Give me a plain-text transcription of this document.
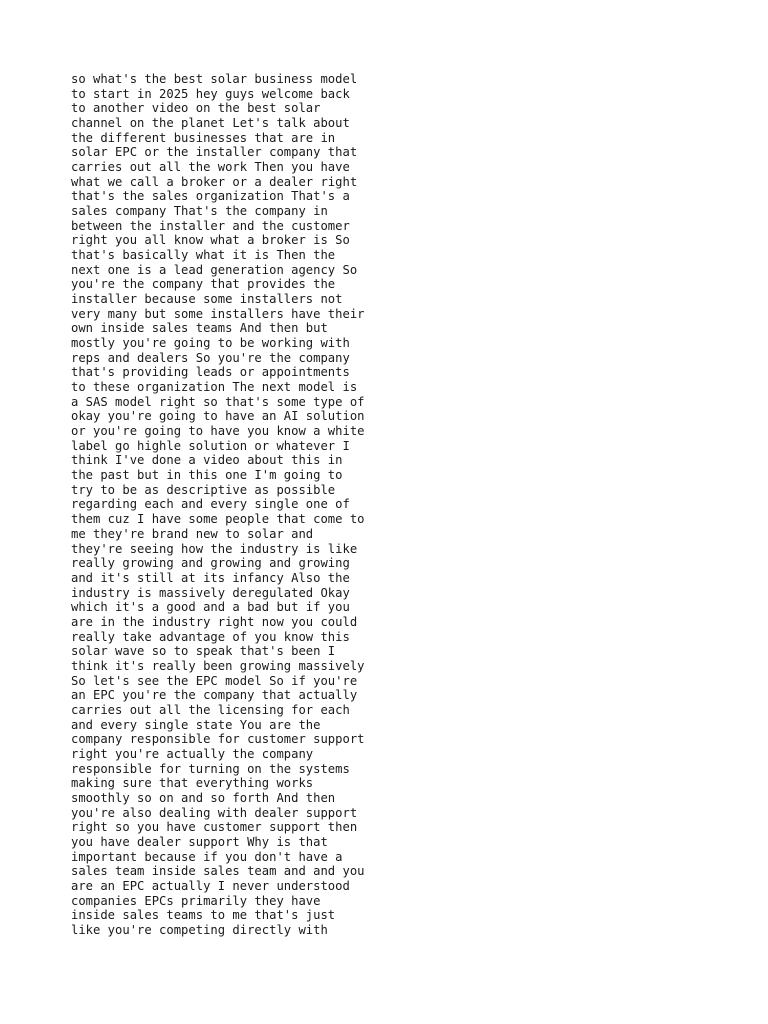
so what's the best solar business model
to start in 2025 hey guys welcome back
to another video on the best solar
channel on the planet Let's talk about
the different businesses that are in
solar EPC or the installer company that
carries out all the work Then you have
what we call a broker or a dealer right
that's the sales organization That's a
sales company That's the company in
between the installer and the customer
right you all know what a broker is So
that's basically what it is Then the
next one is a lead generation agency So
you're the company that provides the
installer because some installers not
very many but some installers have their
own inside sales teams And then but
mostly you're going to be working with
reps and dealers So you're the company
that's providing leads or appointments
to these organization The next model is
a SAS model right so that's some type of
okay you're going to have an AI solution
or you're going to have you know a white
label go highle solution or whatever I
think I've done a video about this in
the past but in this one I'm going to
try to be as descriptive as possible
regarding each and every single one of
them cuz I have some people that come to
me they're brand new to solar and
they're seeing how the industry is like
really growing and growing and growing
and it's still at its infancy Also the
industry is massively deregulated Okay
which it's a good and a bad but if you
are in the industry right now you could
really take advantage of you know this
solar wave so to speak that's been I
think it's really been growing massively
So let's see the EPC model So if you're
an EPC you're the company that actually
carries out all the licensing for each
and every single state You are the
company responsible for customer support
right you're actually the company
responsible for turning on the systems
making sure that everything works
smoothly so on and so forth And then
you're also dealing with dealer support
right so you have customer support then
you have dealer support Why is that
important because if you don't have a
sales team inside sales team and and you
are an EPC actually I never understood
companies EPCs primarily they have
inside sales teams to me that's just
like you're competing directly with
